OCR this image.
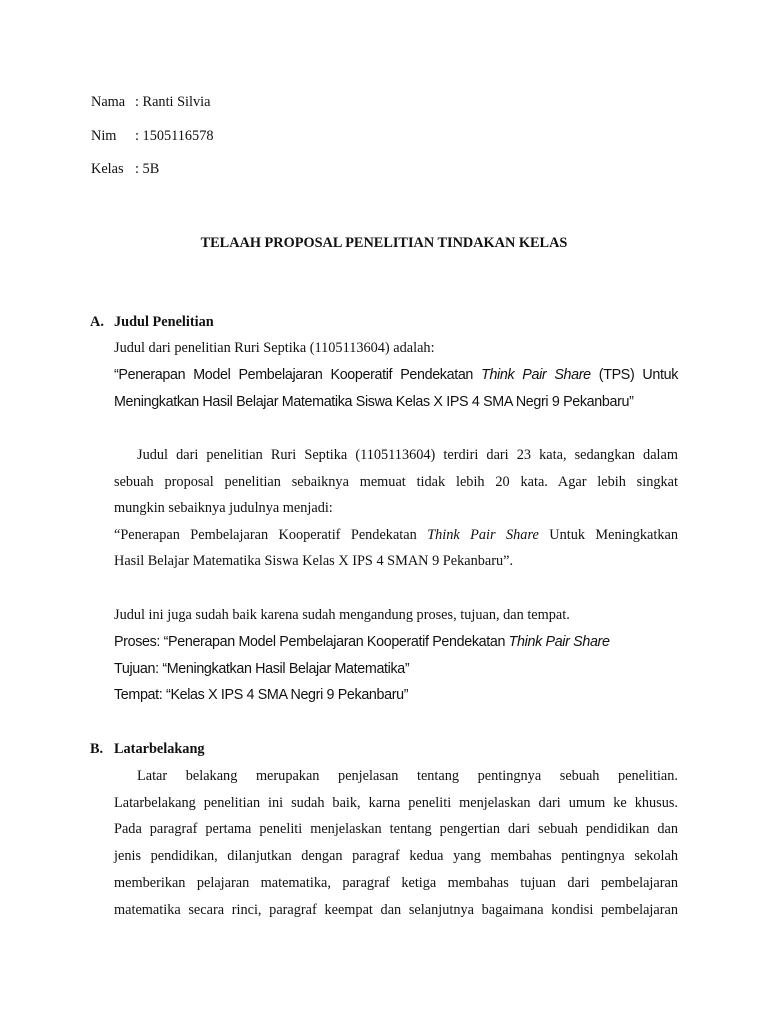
Nama : Ranti Silvia
Nim : 1505116578
Kelas : 5B
TELAAH PROPOSAL PENELITIAN TINDAKAN KELAS
A. Judul Penelitian
Judul dari penelitian Ruri Septika (1105113604) adalah:
“Penerapan Model Pembelajaran Kooperatif Pendekatan Think Pair Share (TPS) Untuk
Meningkatkan Hasil Belajar Matematika Siswa Kelas X IPS 4 SMA Negri 9 Pekanbaru”
Judul dari penelitian Ruri Septika (1105113604) terdiri dari 23 kata, sedangkan dalam
sebuah proposal penelitian sebaiknya memuat tidak lebih 20 kata. Agar lebih singkat
mungkin sebaiknya judulnya menjadi:
“Penerapan Pembelajaran Kooperatif Pendekatan Think Pair Share Untuk Meningkatkan
Hasil Belajar Matematika Siswa Kelas X IPS 4 SMAN 9 Pekanbaru”.
Judul ini juga sudah baik karena sudah mengandung proses, tujuan, dan tempat.
Proses: “Penerapan Model Pembelajaran Kooperatif Pendekatan Think Pair Share
Tujuan: “Meningkatkan Hasil Belajar Matematika”
Tempat: “Kelas X IPS 4 SMA Negri 9 Pekanbaru”
B. Latarbelakang
Latar belakang merupakan penjelasan tentang pentingnya sebuah penelitian.
Latarbelakang penelitian ini sudah baik, karna peneliti menjelaskan dari umum ke khusus.
Pada paragraf pertama peneliti menjelaskan tentang pengertian dari sebuah pendidikan dan
jenis pendidikan, dilanjutkan dengan paragraf kedua yang membahas pentingnya sekolah
memberikan pelajaran matematika, paragraf ketiga membahas tujuan dari pembelajaran
matematika secara rinci, paragraf keempat dan selanjutnya bagaimana kondisi pembelajaran
